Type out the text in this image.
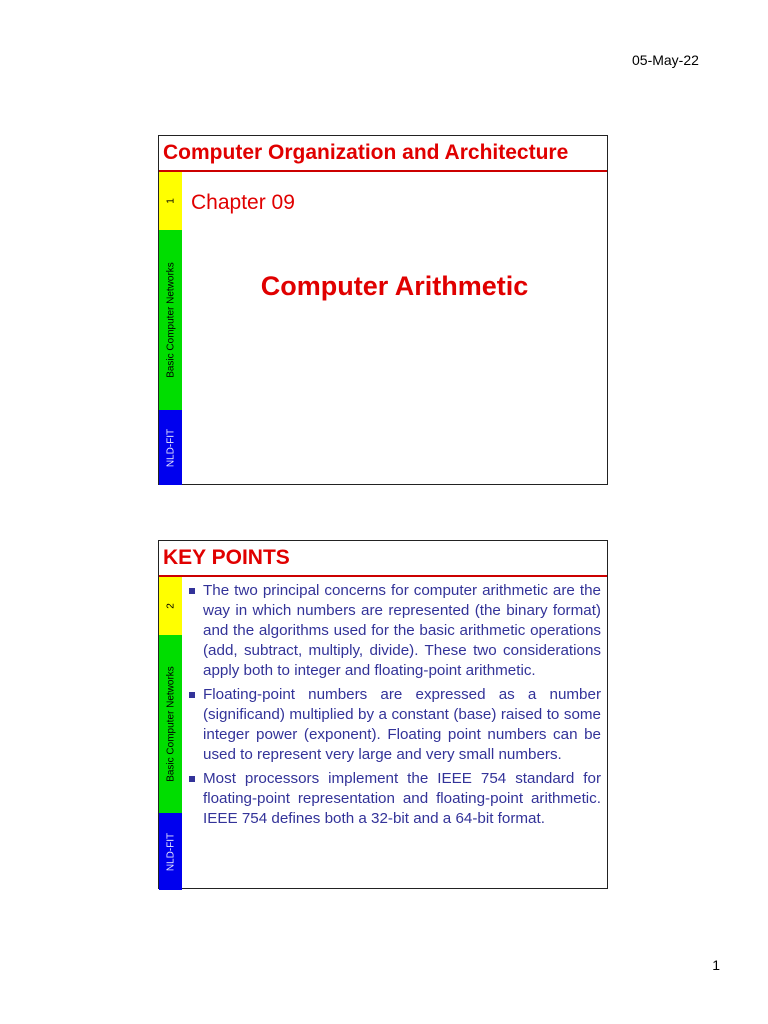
05-May-22
Computer Organization and Architecture
1
Basic Computer Networks
NLD-FIT
Chapter 09
Computer Arithmetic
KEY POINTS
2
Basic Computer Networks
NLD-FIT
The two principal concerns for computer arithmetic are the way in which numbers are represented (the binary format) and the algorithms used for the basic arithmetic operations (add, subtract, multiply, divide). These two considerations apply both to integer and floating-point arithmetic.
Floating-point numbers are expressed as a number (significand) multiplied by a constant (base) raised to some integer power (exponent). Floating point numbers can be used to represent very large and very small numbers.
Most processors implement the IEEE 754 standard for floating-point representation and floating-point arithmetic. IEEE 754 defines both a 32-bit and a 64-bit format.
1
